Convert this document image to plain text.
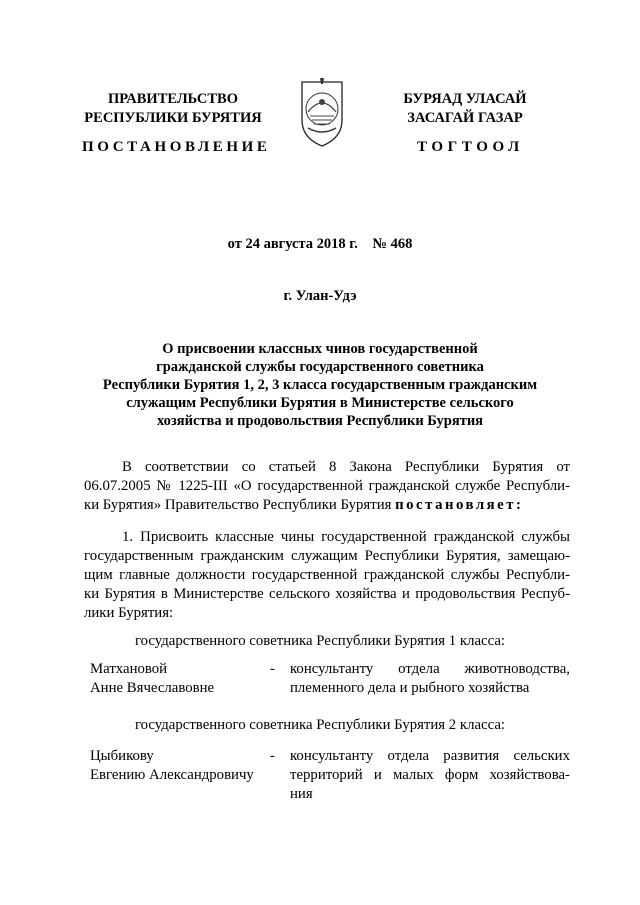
ПРАВИТЕЛЬСТВО
РЕСПУБЛИКИ БУРЯТИЯ
ПОСТАНОВЛЕНИЕ
БУРЯАД УЛАСАЙ
ЗАСАГАЙ ГАЗАР
ТОГТООЛ
от 24 августа 2018 г. № 468
г. Улан-Удэ
О присвоении классных чинов государственной
гражданской службы государственного советника
Республики Бурятия 1, 2, 3 класса государственным гражданским
служащим Республики Бурятия в Министерстве сельского
хозяйства и продовольствия Республики Бурятия
В соответствии со статьей 8 Закона Республики Бурятия от
06.07.2005 № 1225-III «О государственной гражданской службе Республи-
ки Бурятия» Правительство Республики Бурятия постановляет:
1. Присвоить классные чины государственной гражданской службы
государственным гражданским служащим Республики Бурятия, замещаю-
щим главные должности государственной гражданской службы Республи-
ки Бурятия в Министерстве сельского хозяйства и продовольствия Респуб-
лики Бурятия:
государственного советника Республики Бурятия 1 класса:
Матхановой
Анне Вячеславовне
- консультанту отдела животноводства,
племенного дела и рыбного хозяйства
государственного советника Республики Бурятия 2 класса:
Цыбикову
Евгению Александровичу
- консультанту отдела развития сельских
территорий и малых форм хозяйствова-
ния
